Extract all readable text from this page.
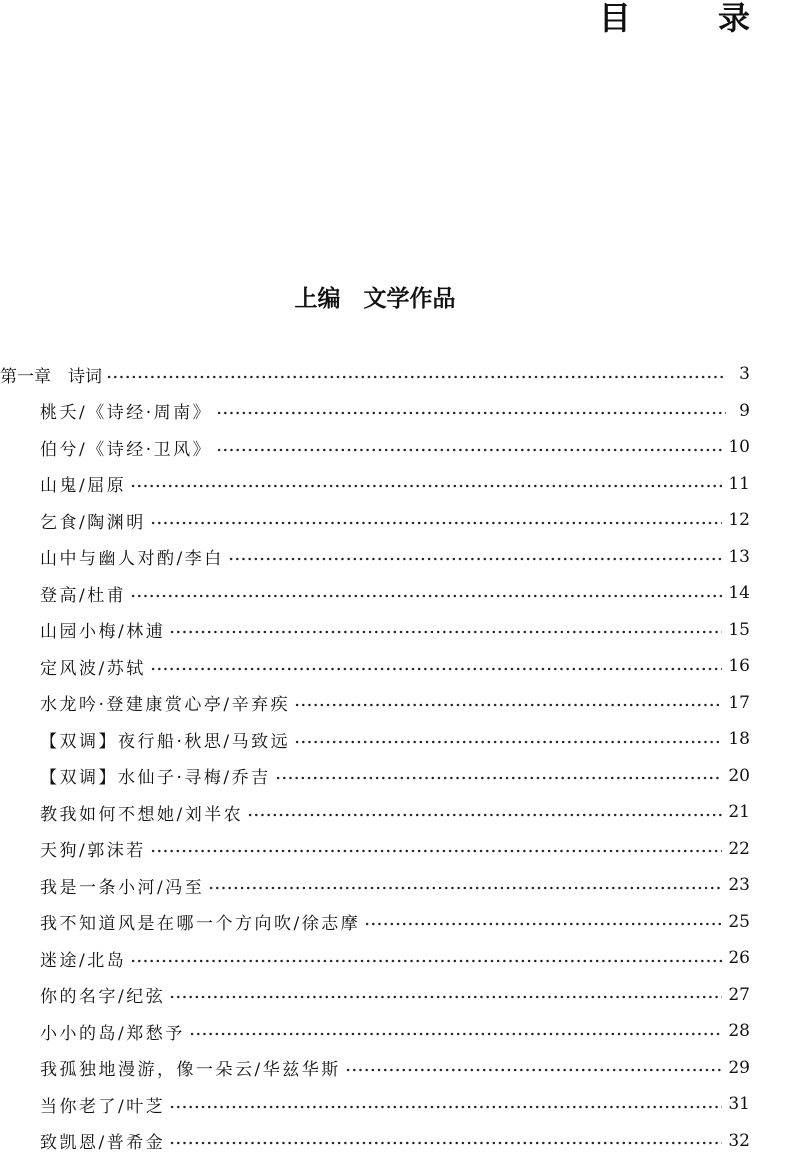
目 录
上编　文学作品
第一章　诗词	3
桃夭/《诗经·周南》	9
伯兮/《诗经·卫风》	10
山鬼/屈原	11
乞食/陶渊明	12
山中与幽人对酌/李白	13
登高/杜甫	14
山园小梅/林逋	15
定风波/苏轼	16
水龙吟·登建康赏心亭/辛弃疾	17
【双调】夜行船·秋思/马致远	18
【双调】水仙子·寻梅/乔吉	20
教我如何不想她/刘半农	21
天狗/郭沫若	22
我是一条小河/冯至	23
我不知道风是在哪一个方向吹/徐志摩	25
迷途/北岛	26
你的名字/纪弦	27
小小的岛/郑愁予	28
我孤独地漫游，像一朵云/华兹华斯	29
当你老了/叶芝	31
致凯恩/普希金	32
